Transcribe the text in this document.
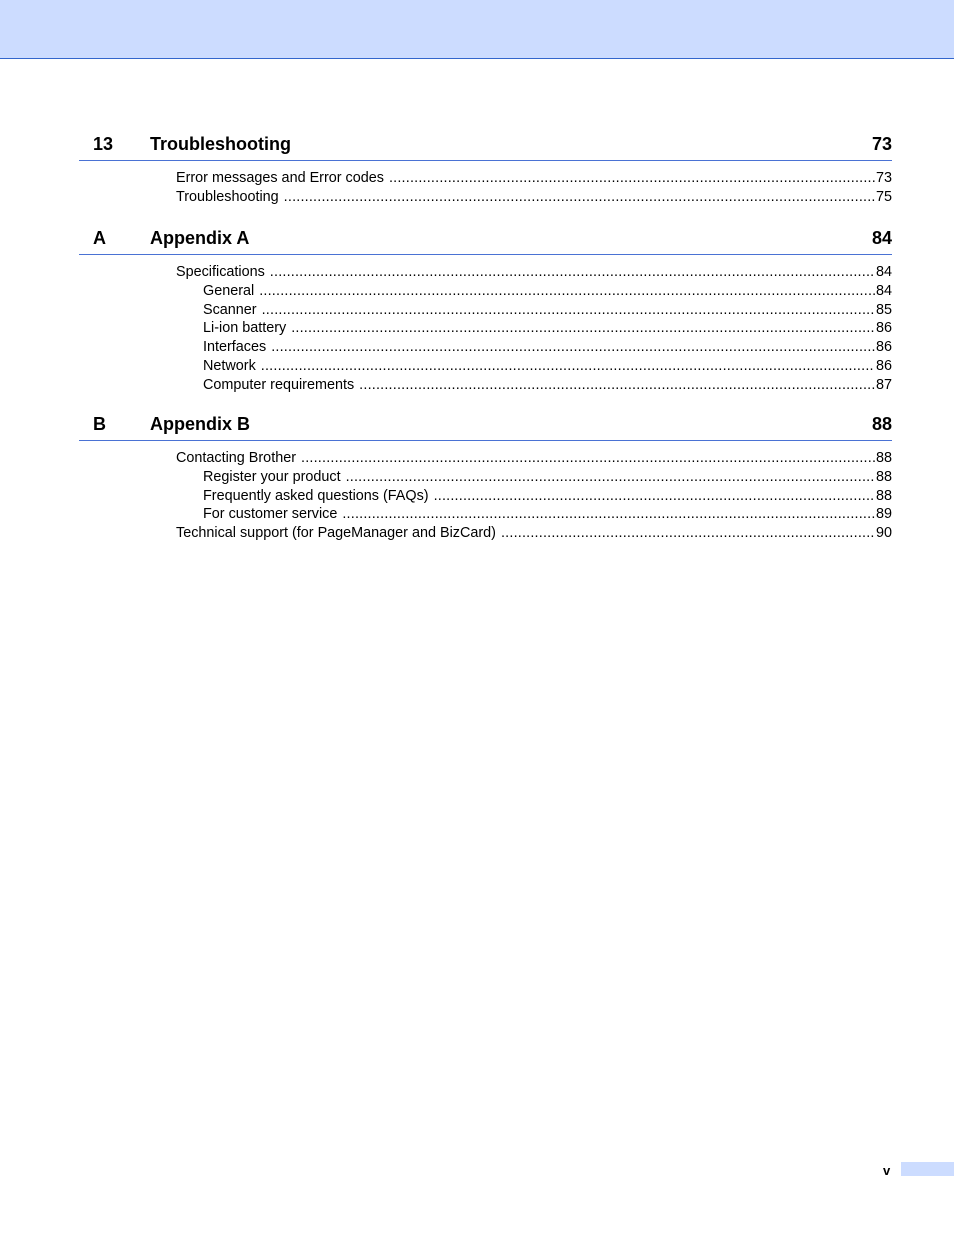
13 Troubleshooting	73
Error messages and Error codes .....	73
Troubleshooting .....	75
A Appendix A	84
Specifications .....	84
General .....	84
Scanner .....	85
Li-ion battery .....	86
Interfaces .....	86
Network .....	86
Computer requirements .....	87
B Appendix B	88
Contacting Brother .....	88
Register your product .....	88
Frequently asked questions (FAQs) .....	88
For customer service .....	89
Technical support (for PageManager and BizCard) .....	90
v
